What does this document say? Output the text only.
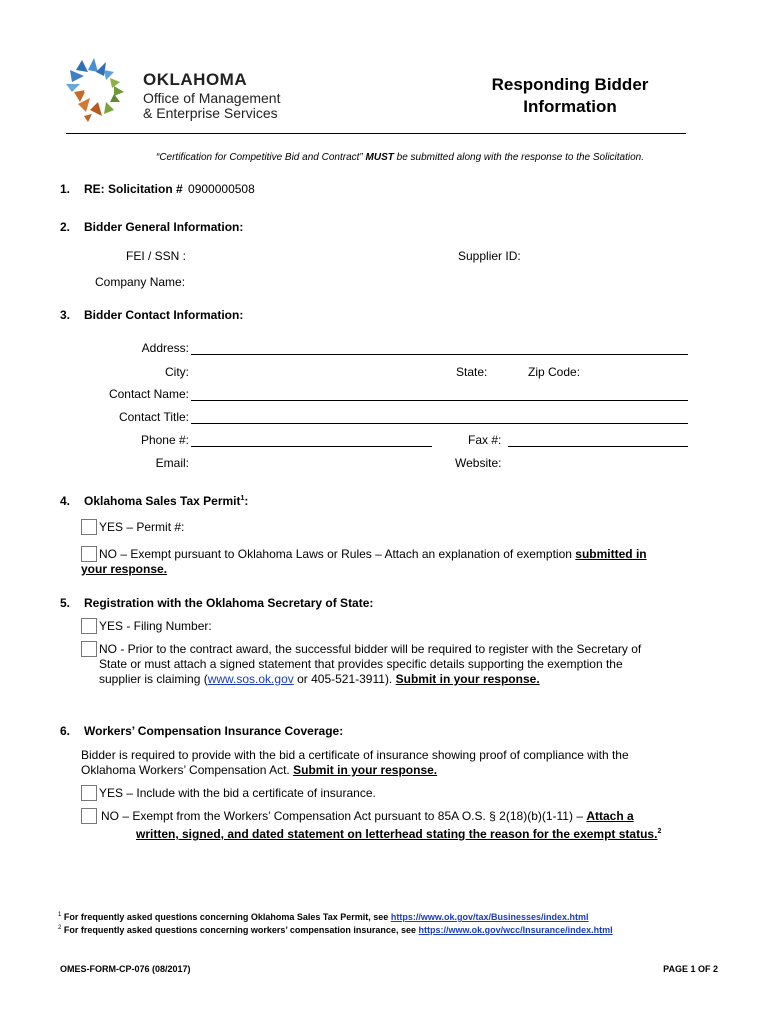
OKLAHOMA
Office of Management
& Enterprise Services
Responding Bidder
Information
“Certification for Competitive Bid and Contract” MUST be submitted along with the response to the Solicitation.
1. RE: Solicitation # 0900000508
2. Bidder General Information:
FEI / SSN :	Supplier ID:
Company Name:
3. Bidder Contact Information:
Address:
City:	State:	Zip Code:
Contact Name:
Contact Title:
Phone #:	Fax #:
Email:	Website:
4. Oklahoma Sales Tax Permit$^1$:
YES – Permit #:
NO – Exempt pursuant to Oklahoma Laws or Rules – Attach an explanation of exemption submitted in
your response.
5. Registration with the Oklahoma Secretary of State:
YES - Filing Number:
NO - Prior to the contract award, the successful bidder will be required to register with the Secretary of
State or must attach a signed statement that provides specific details supporting the exemption the
supplier is claiming (www.sos.ok.gov or 405-521-3911). Submit in your response.
6. Workers’ Compensation Insurance Coverage:
Bidder is required to provide with the bid a certificate of insurance showing proof of compliance with the
Oklahoma Workers’ Compensation Act. Submit in your response.
YES – Include with the bid a certificate of insurance.
NO – Exempt from the Workers’ Compensation Act pursuant to 85A O.S. § 2(18)(b)(1-11) – Attach a
written, signed, and dated statement on letterhead stating the reason for the exempt status.$^2$
$^1$ For frequently asked questions concerning Oklahoma Sales Tax Permit, see https://www.ok.gov/tax/Businesses/index.html
$^2$ For frequently asked questions concerning workers’ compensation insurance, see https://www.ok.gov/wcc/Insurance/index.html
OMES-FORM-CP-076 (08/2017)	PAGE 1 OF 2
